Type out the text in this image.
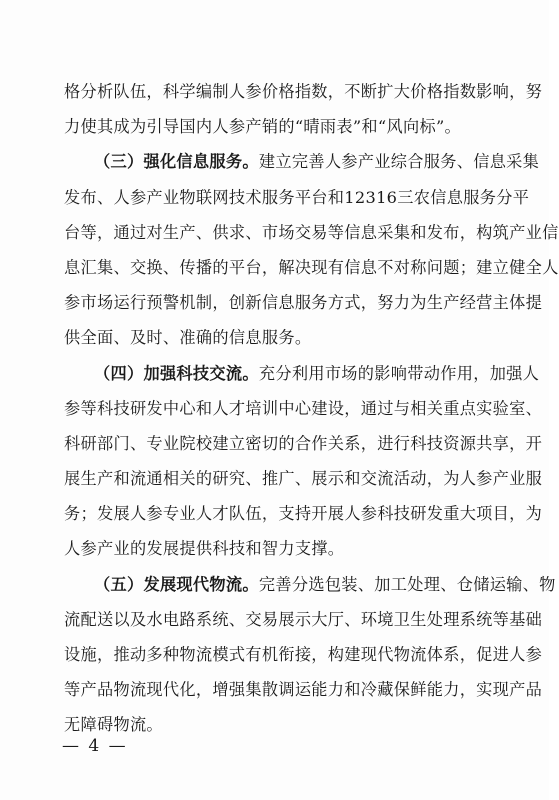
格分析队伍，科学编制人参价格指数，不断扩大价格指数影响，努
力使其成为引导国内人参产销的“晴雨表”和“风向标”。
（三）强化信息服务。建立完善人参产业综合服务、信息采集
发布、人参产业物联网技术服务平台和12316三农信息服务分平
台等，通过对生产、供求、市场交易等信息采集和发布，构筑产业信
息汇集、交换、传播的平台，解决现有信息不对称问题；建立健全人
参市场运行预警机制，创新信息服务方式，努力为生产经营主体提
供全面、及时、准确的信息服务。
（四）加强科技交流。充分利用市场的影响带动作用，加强人
参等科技研发中心和人才培训中心建设，通过与相关重点实验室、
科研部门、专业院校建立密切的合作关系，进行科技资源共享，开
展生产和流通相关的研究、推广、展示和交流活动，为人参产业服
务；发展人参专业人才队伍，支持开展人参科技研发重大项目，为
人参产业的发展提供科技和智力支撑。
（五）发展现代物流。完善分选包装、加工处理、仓储运输、物
流配送以及水电路系统、交易展示大厅、环境卫生处理系统等基础
设施，推动多种物流模式有机衔接，构建现代物流体系，促进人参
等产品物流现代化，增强集散调运能力和冷藏保鲜能力，实现产品
无障碍物流。
— 4 —
